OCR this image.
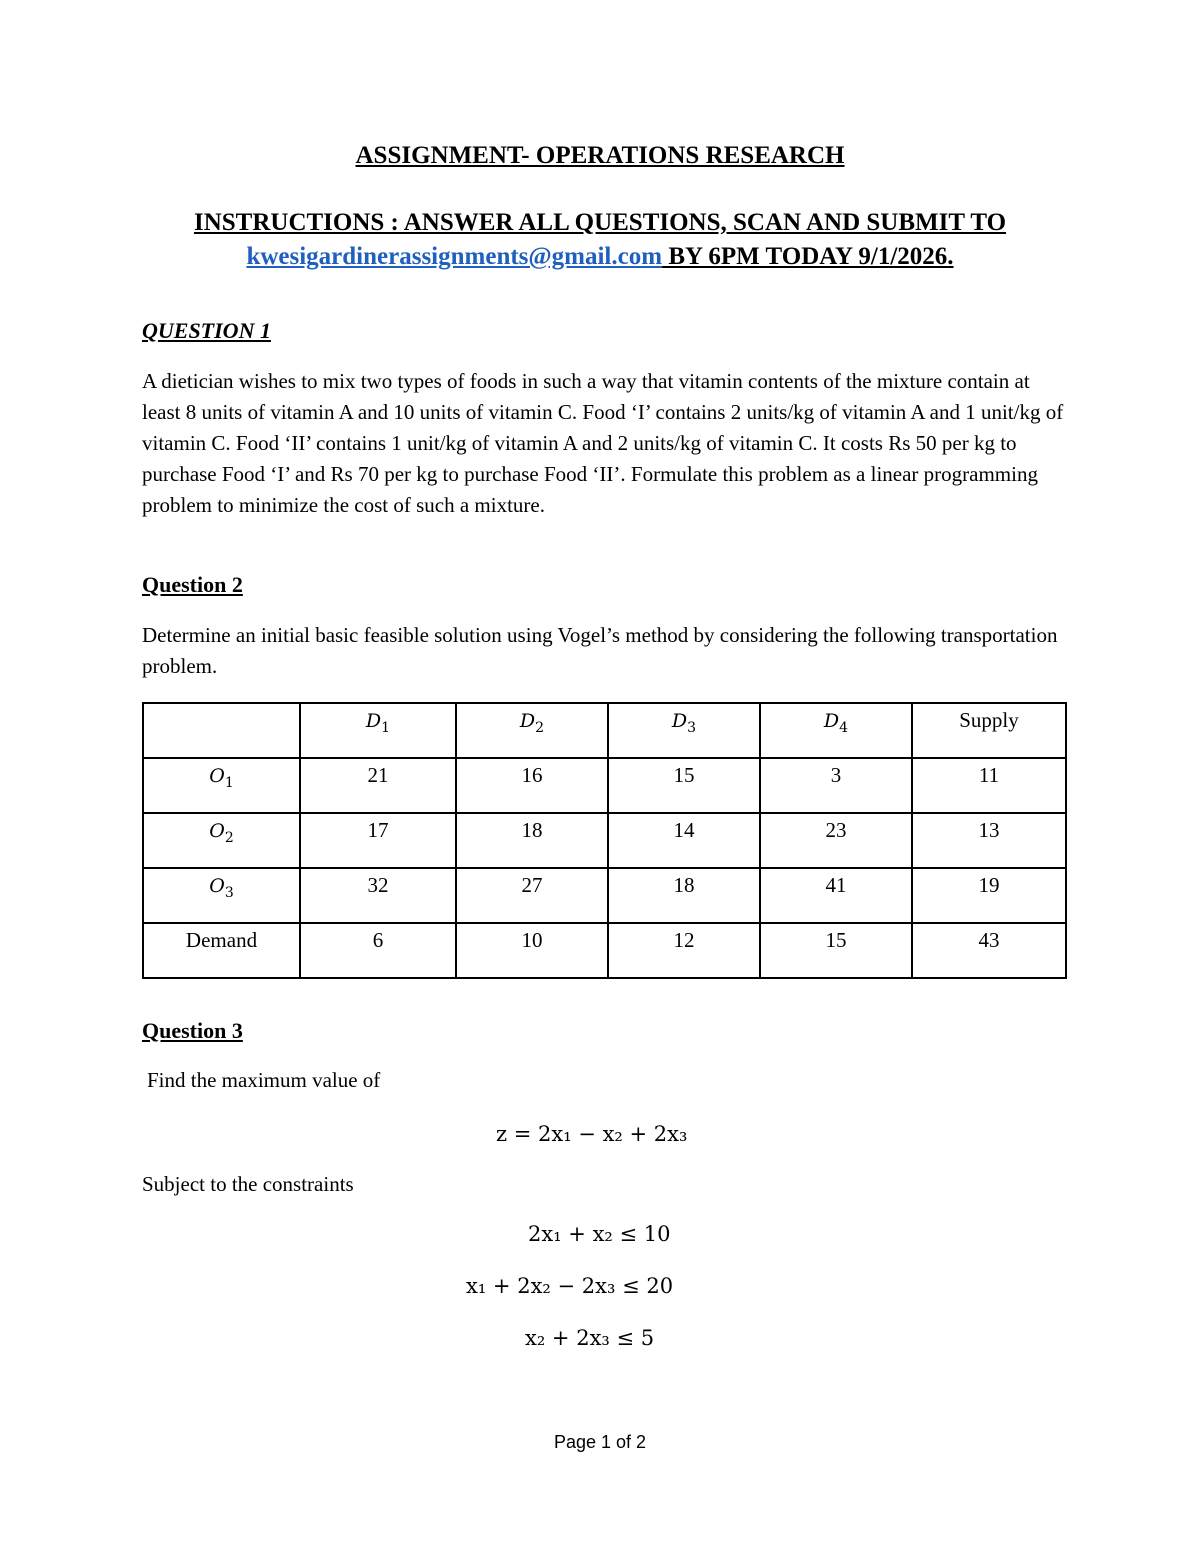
ASSIGNMENT- OPERATIONS RESEARCH
INSTRUCTIONS : ANSWER ALL QUESTIONS, SCAN AND SUBMIT TO
kwesigardinerassignments@gmail.com BY 6PM TODAY 9/1/2026.
QUESTION 1
A dietician wishes to mix two types of foods in such a way that vitamin contents of the mixture contain at least 8 units of vitamin A and 10 units of vitamin C. Food ‘I’ contains 2 units/kg of vitamin A and 1 unit/kg of vitamin C. Food ‘II’ contains 1 unit/kg of vitamin A and 2 units/kg of vitamin C. It costs Rs 50 per kg to purchase Food ‘I’ and Rs 70 per kg to purchase Food ‘II’. Formulate this problem as a linear programming problem to minimize the cost of such a mixture.
Question 2
Determine an initial basic feasible solution using Vogel’s method by considering the following transportation problem.
	$D_1$	$D_2$	$D_3$	$D_4$	Supply
$O_1$	21	16	15	3	11
$O_2$	17	18	14	23	13
$O_3$	32	27	18	41	19
Demand	6	10	12	15	43
Question 3
Find the maximum value of
z = 2x₁ − x₂ + 2x₃
Subject to the constraints
2x₁ + x₂ ≤ 10
x₁ + 2x₂ − 2x₃ ≤ 20
x₂ + 2x₃ ≤ 5
Page 1 of 2
